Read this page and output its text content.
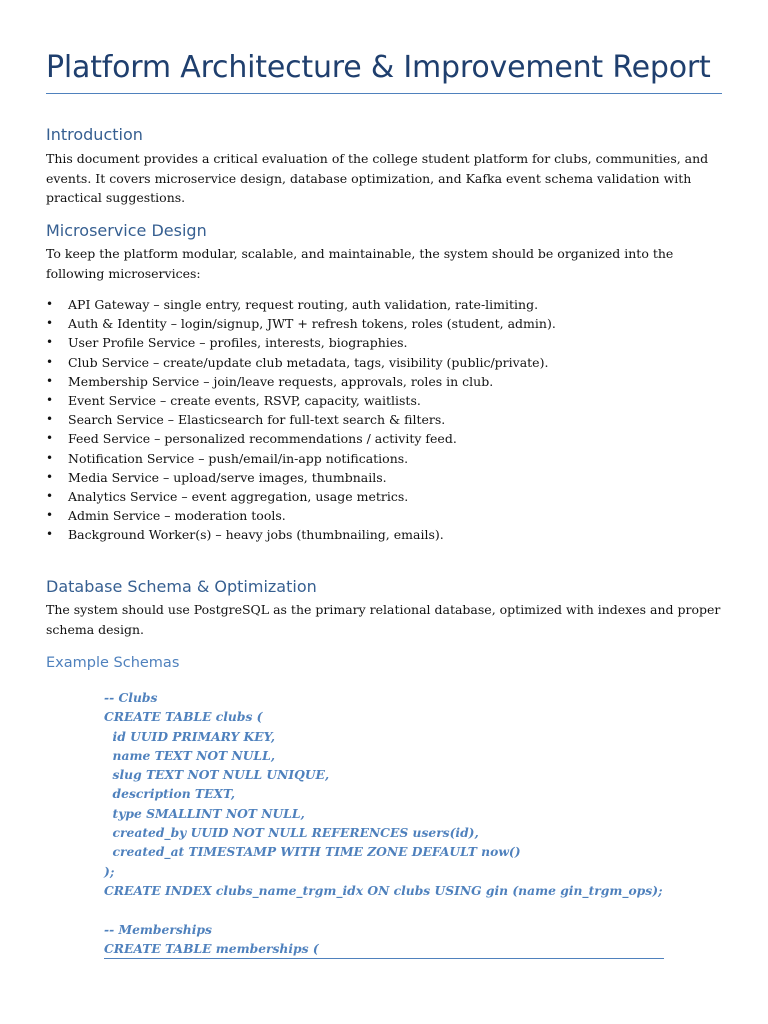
Platform Architecture & Improvement Report
Introduction
This document provides a critical evaluation of the college student platform for clubs, communities, and events. It covers microservice design, database optimization, and Kafka event schema validation with practical suggestions.
Microservice Design
To keep the platform modular, scalable, and maintainable, the system should be organized into the following microservices:
• API Gateway – single entry, request routing, auth validation, rate-limiting.
• Auth & Identity – login/signup, JWT + refresh tokens, roles (student, admin).
• User Profile Service – profiles, interests, biographies.
• Club Service – create/update club metadata, tags, visibility (public/private).
• Membership Service – join/leave requests, approvals, roles in club.
• Event Service – create events, RSVP, capacity, waitlists.
• Search Service – Elasticsearch for full-text search & filters.
• Feed Service – personalized recommendations / activity feed.
• Notification Service – push/email/in-app notifications.
• Media Service – upload/serve images, thumbnails.
• Analytics Service – event aggregation, usage metrics.
• Admin Service – moderation tools.
• Background Worker(s) – heavy jobs (thumbnailing, emails).
Database Schema & Optimization
The system should use PostgreSQL as the primary relational database, optimized with indexes and proper schema design.
Example Schemas
-- Clubs
CREATE TABLE clubs (
id UUID PRIMARY KEY,
name TEXT NOT NULL,
slug TEXT NOT NULL UNIQUE,
description TEXT,
type SMALLINT NOT NULL,
created_by UUID NOT NULL REFERENCES users(id),
created_at TIMESTAMP WITH TIME ZONE DEFAULT now()
);
CREATE INDEX clubs_name_trgm_idx ON clubs USING gin (name gin_trgm_ops);
-- Memberships
CREATE TABLE memberships (
